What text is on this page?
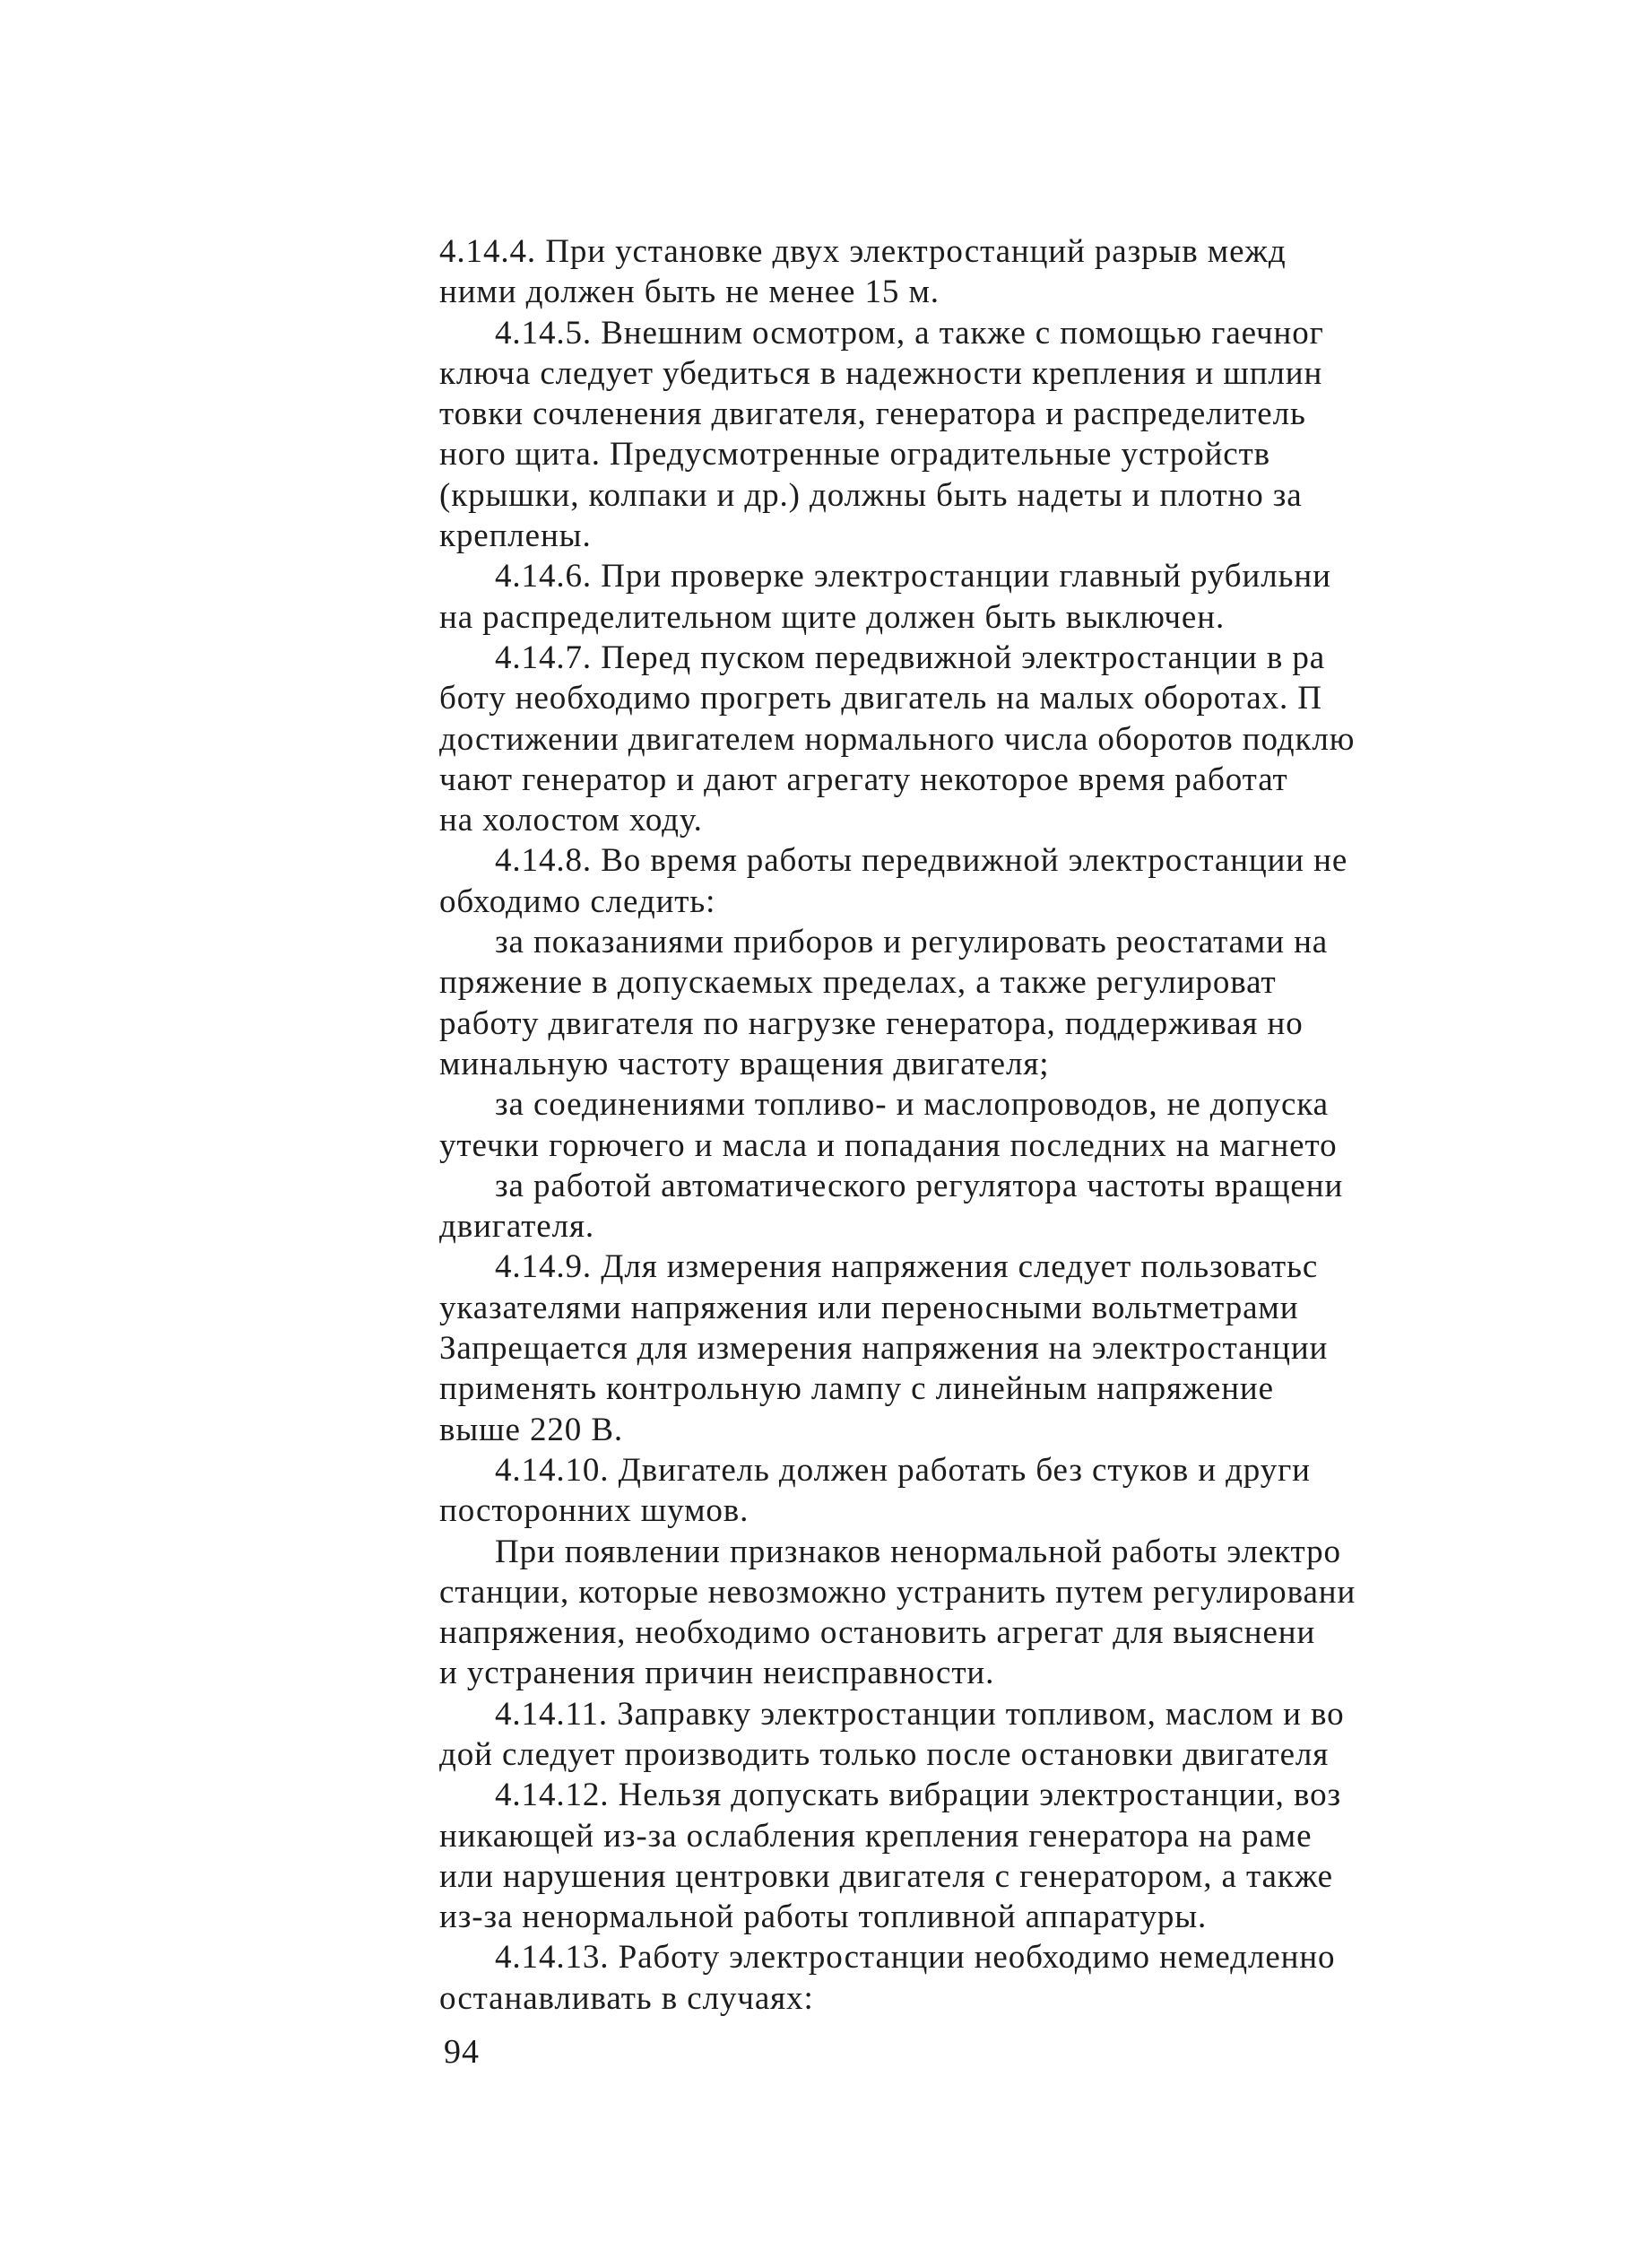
4.14.4. При установке двух электростанций разрыв межд
ними должен быть не менее 15 м.
4.14.5. Внешним осмотром, а также с помощью гаечног
ключа следует убедиться в надежности крепления и шплин
товки сочленения двигателя, генератора и распределитель
ного щита. Предусмотренные оградительные устройств
(крышки, колпаки и др.) должны быть надеты и плотно за
креплены.
4.14.6. При проверке электростанции главный рубильни
на распределительном щите должен быть выключен.
4.14.7. Перед пуском передвижной электростанции в ра
боту необходимо прогреть двигатель на малых оборотах. П
достижении двигателем нормального числа оборотов подклю
чают генератор и дают агрегату некоторое время работат
на холостом ходу.
4.14.8. Во время работы передвижной электростанции не
обходимо следить:
за показаниями приборов и регулировать реостатами на
пряжение в допускаемых пределах, а также регулироват
работу двигателя по нагрузке генератора, поддерживая но
минальную частоту вращения двигателя;
за соединениями топливо- и маслопроводов, не допуска
утечки горючего и масла и попадания последних на магнето
за работой автоматического регулятора частоты вращени
двигателя.
4.14.9. Для измерения напряжения следует пользоватьс
указателями напряжения или переносными вольтметрами
Запрещается для измерения напряжения на электростанции
применять контрольную лампу с линейным напряжение
выше 220 В.
4.14.10. Двигатель должен работать без стуков и други
посторонних шумов.
При появлении признаков ненормальной работы электро
станции, которые невозможно устранить путем регулировани
напряжения, необходимо остановить агрегат для выяснени
и устранения причин неисправности.
4.14.11. Заправку электростанции топливом, маслом и во
дой следует производить только после остановки двигателя
4.14.12. Нельзя допускать вибрации электростанции, воз
никающей из-за ослабления крепления генератора на раме
или нарушения центровки двигателя с генератором, а также
из-за ненормальной работы топливной аппаратуры.
4.14.13. Работу электростанции необходимо немедленно
останавливать в случаях:
94
